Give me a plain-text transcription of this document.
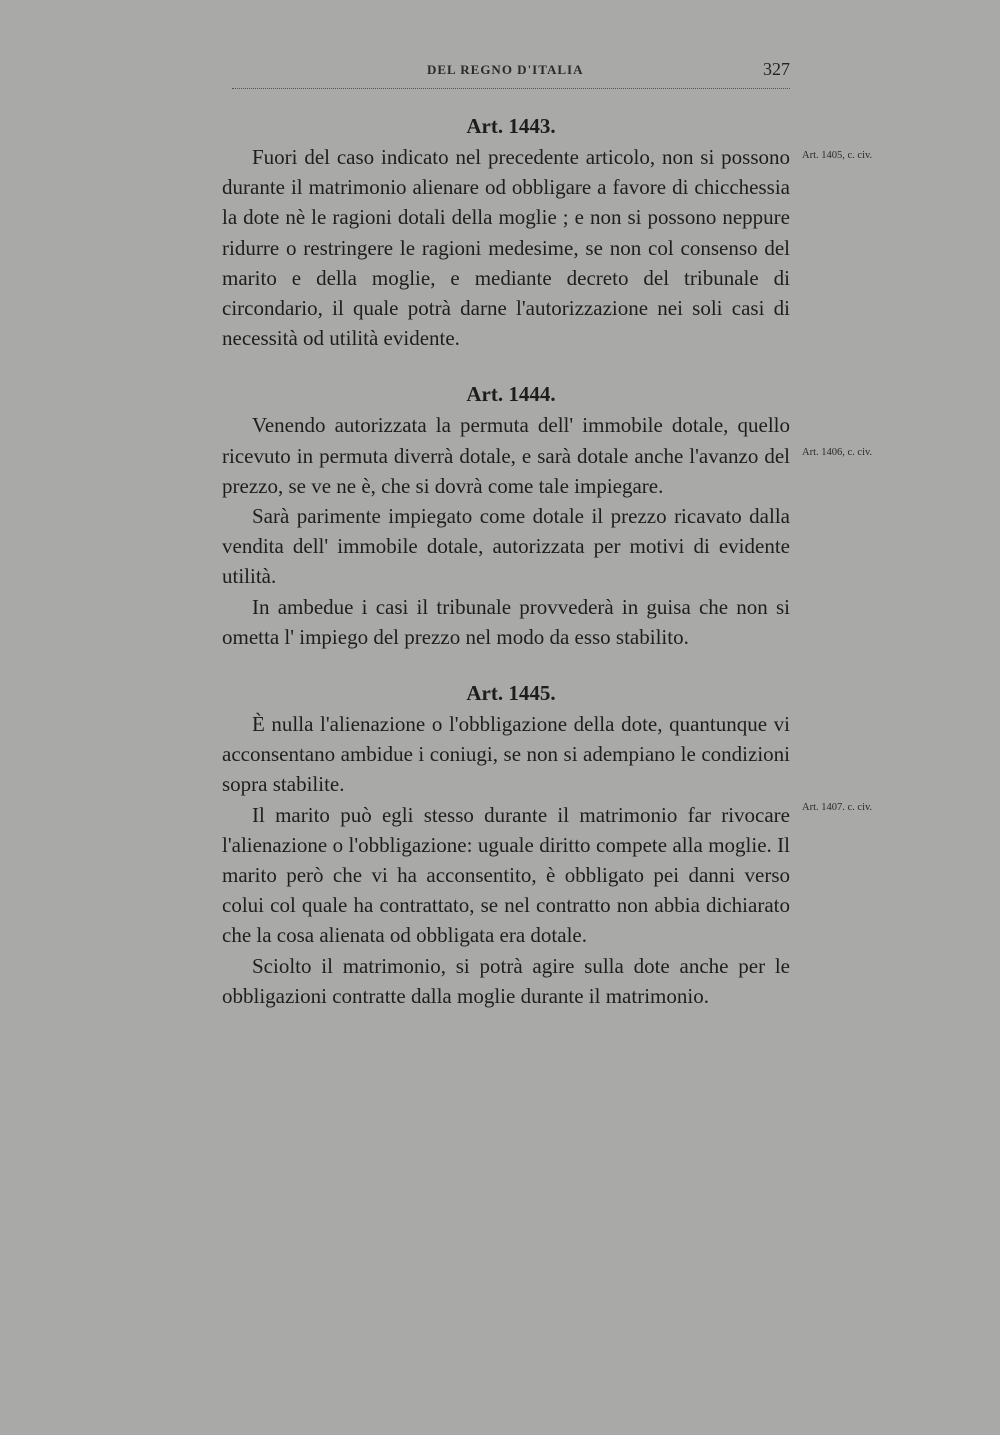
DEL REGNO D'ITALIA	327
Art. 1443.

Fuori del caso indicato nel precedente articolo, non si possono durante il matrimonio alienare od obbligare a favore di chicchessia la dote nè le ragioni dotali della moglie ; e non si possono neppure ridurre o restringere le ragioni medesime, se non col consenso del marito e della moglie, e mediante decreto del tribunale di circondario, il quale potrà darne l'autorizzazione nei soli casi di necessità od utilità evidente.

Art. 1444.

Venendo autorizzata la permuta dell' immobile dotale, quello ricevuto in permuta diverrà dotale, e sarà dotale anche l'avanzo del prezzo, se ve ne è, che si dovrà come tale impiegare.

Sarà parimente impiegato come dotale il prezzo ricavato dalla vendita dell' immobile dotale, autorizzata per motivi di evidente utilità.

In ambedue i casi il tribunale provvederà in guisa che non si ometta l' impiego del prezzo nel modo da esso stabilito.

Art. 1445.

È nulla l'alienazione o l'obbligazione della dote, quantunque vi acconsentano ambidue i coniugi, se non si adempiano le condizioni sopra stabilite.

Il marito può egli stesso durante il matrimonio far rivocare l'alienazione o l'obbligazione: uguale diritto compete alla moglie. Il marito però che vi ha acconsentito, è obbligato pei danni verso colui col quale ha contrattato, se nel contratto non abbia dichiarato che la cosa alienata od obbligata era dotale.

Sciolto il matrimonio, si potrà agire sulla dote anche per le obbligazioni contratte dalla moglie durante il matrimonio.

Art. 1405, c. civ.
Art. 1406, c. civ.
Art. 1407. c. civ.
